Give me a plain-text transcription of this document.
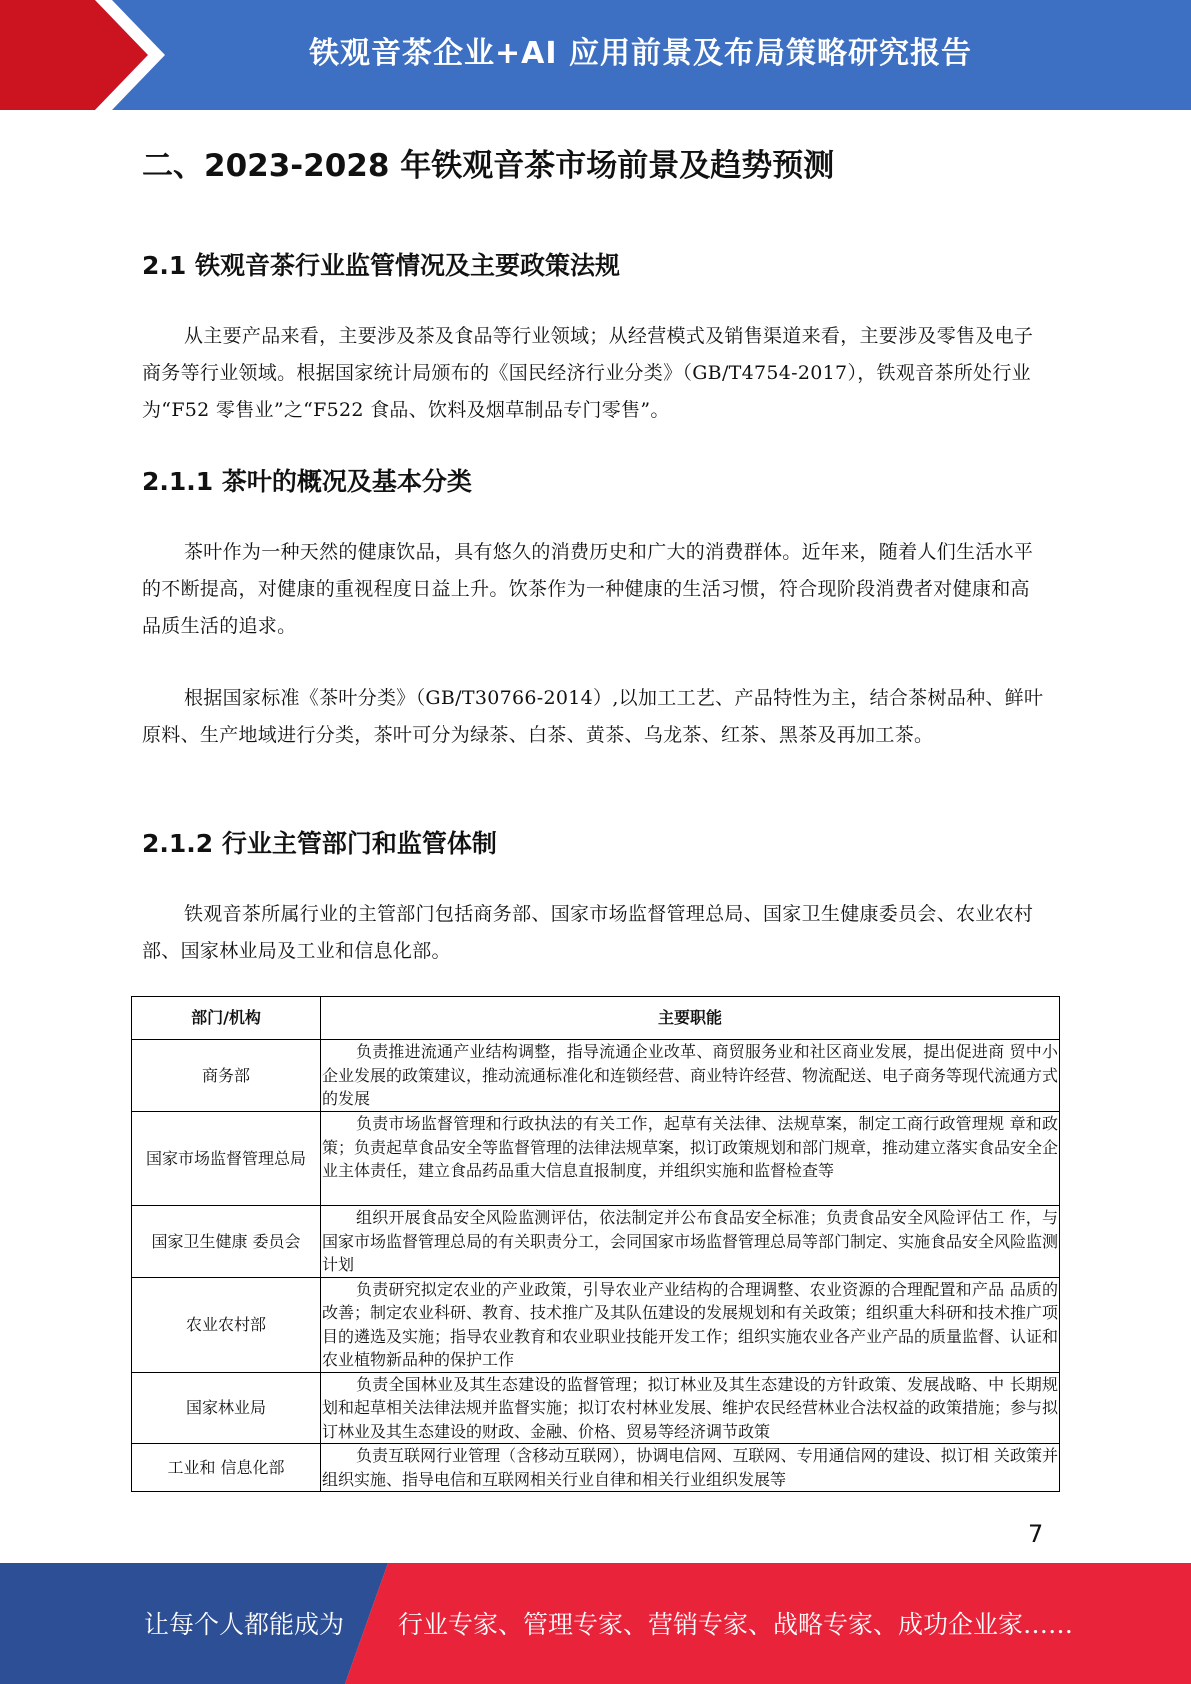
铁观音茶企业+AI 应用前景及布局策略研究报告
二、2023-2028 年铁观音茶市场前景及趋势预测
2.1 铁观音茶行业监管情况及主要政策法规

从主要产品来看，主要涉及茶及食品等行业领域；从经营模式及销售渠道来看，主要涉及零售及电子商务等行业领域。根据国家统计局颁布的《国民经济行业分类》（GB/T4754-2017），铁观音茶所处行业为“F52 零售业”之“F522 食品、饮料及烟草制品专门零售”。

2.1.1 茶叶的概况及基本分类

茶叶作为一种天然的健康饮品，具有悠久的消费历史和广大的消费群体。近年来，随着人们生活水平的不断提高，对健康的重视程度日益上升。饮茶作为一种健康的生活习惯，符合现阶段消费者对健康和高品质生活的追求。

根据国家标准《茶叶分类》（GB/T30766-2014）,以加工工艺、产品特性为主，结合茶树品种、鲜叶原料、生产地域进行分类，茶叶可分为绿茶、白茶、黄茶、乌龙茶、红茶、黑茶及再加工茶。

2.1.2 行业主管部门和监管体制

铁观音茶所属行业的主管部门包括商务部、国家市场监督管理总局、国家卫生健康委员会、农业农村部、国家林业局及工业和信息化部。

部门/机构	主要职能
商务部	负责推进流通产业结构调整，指导流通企业改革、商贸服务业和社区商业发展，提出促进商 贸中小企业发展的政策建议，推动流通标准化和连锁经营、商业特许经营、物流配送、电子商务等现代流通方式的发展
国家市场监督管理总局	负责市场监督管理和行政执法的有关工作，起草有关法律、法规草案，制定工商行政管理规 章和政策；负责起草食品安全等监督管理的法律法规草案，拟订政策规划和部门规章，推动建立落实食品安全企业主体责任，建立食品药品重大信息直报制度，并组织实施和监督检查等
国家卫生健康 委员会	组织开展食品安全风险监测评估，依法制定并公布食品安全标准；负责食品安全风险评估工 作，与国家市场监督管理总局的有关职责分工，会同国家市场监督管理总局等部门制定、实施食品安全风险监测计划
农业农村部	负责研究拟定农业的产业政策，引导农业产业结构的合理调整、农业资源的合理配置和产品 品质的改善；制定农业科研、教育、技术推广及其队伍建设的发展规划和有关政策；组织重大科研和技术推广项目的遴选及实施；指导农业教育和农业职业技能开发工作；组织实施农业各产业产品的质量监督、认证和农业植物新品种的保护工作
国家林业局	负责全国林业及其生态建设的监督管理；拟订林业及其生态建设的方针政策、发展战略、中 长期规划和起草相关法律法规并监督实施；拟订农村林业发展、维护农民经营林业合法权益的政策措施；参与拟订林业及其生态建设的财政、金融、价格、贸易等经济调节政策
工业和 信息化部	负责互联网行业管理（含移动互联网），协调电信网、互联网、专用通信网的建设、拟订相 关政策并组织实施、指导电信和互联网相关行业自律和相关行业组织发展等
7
让每个人都能成为 行业专家、管理专家、营销专家、战略专家、成功企业家……
